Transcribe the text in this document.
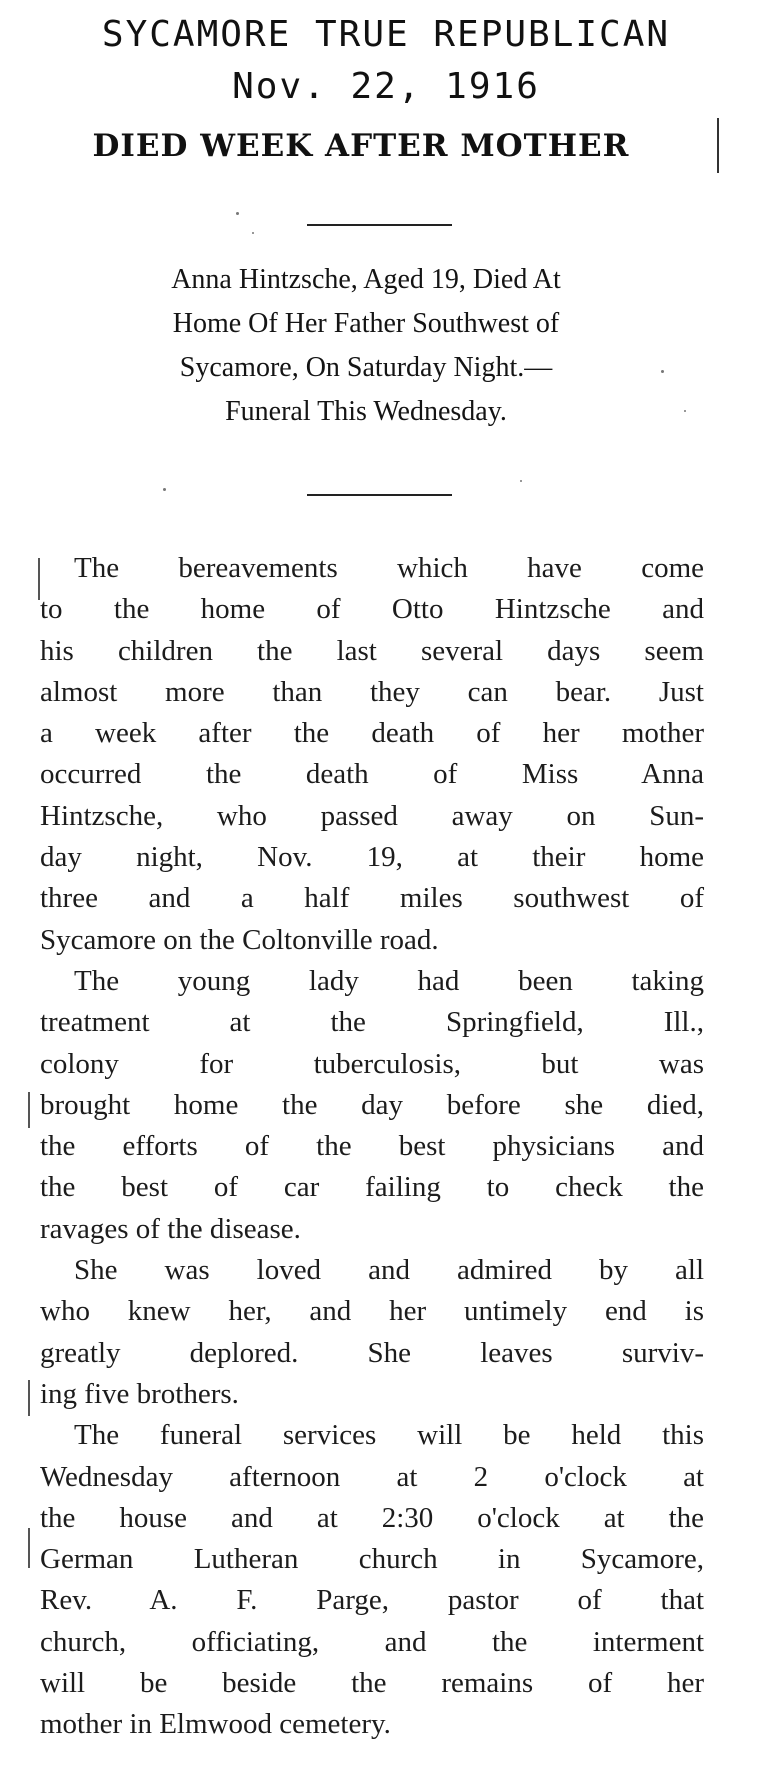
SYCAMORE TRUE REPUBLICAN
Nov. 22, 1916
DIED WEEK AFTER MOTHER
Anna Hintzsche, Aged 19, Died At
Home Of Her Father Southwest of
Sycamore, On Saturday Night.—
Funeral This Wednesday.
The bereavements which have come
to the home of Otto Hintzsche and
his children the last several days seem
almost more than they can bear. Just
a week after the death of her mother
occurred the death of Miss Anna
Hintzsche, who passed away on Sun-
day night, Nov. 19, at their home
three and a half miles southwest of
Sycamore on the Coltonville road.
The young lady had been taking
treatment at the Springfield, Ill.,
colony for tuberculosis, but was
brought home the day before she died,
the efforts of the best physicians and
the best of car failing to check the
ravages of the disease.
She was loved and admired by all
who knew her, and her untimely end is
greatly deplored. She leaves surviv-
ing five brothers.
The funeral services will be held this
Wednesday afternoon at 2 o'clock at
the house and at 2:30 o'clock at the
German Lutheran church in Sycamore,
Rev. A. F. Parge, pastor of that
church, officiating, and the interment
will be beside the remains of her
mother in Elmwood cemetery.
